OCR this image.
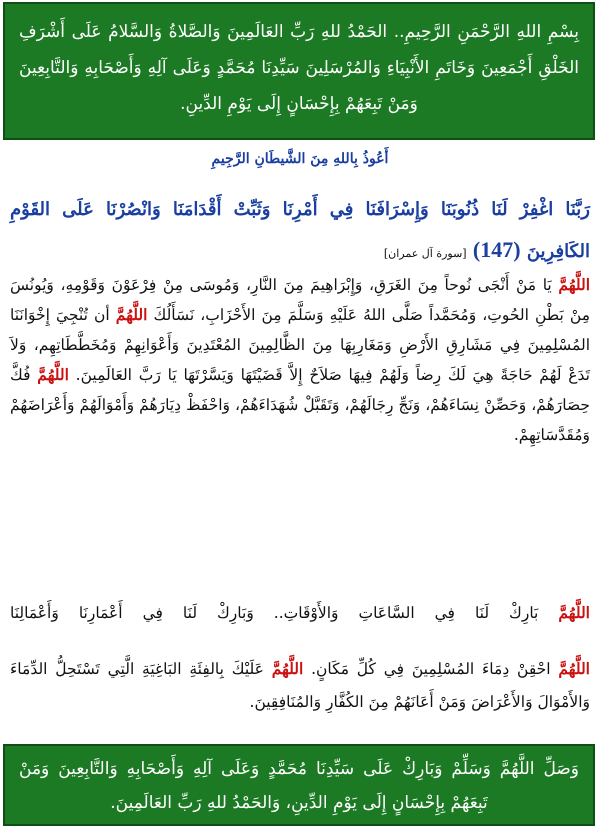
بِسْمِ اللهِ الرَّحْمَنِ الرَّحِيمِ.. الحَمْدُ للهِ رَبِّ العَالَمِينَ وَالصَّلاةُ وَالسَّلامُ عَلَى أَشْرَفِ الخَلْقِ أَجْمَعِينَ وَخَاتَمِ الأَنْبِيَاءِ وَالمُرْسَلِينَ سَيِّدِنَا مُحَمَّدٍ وَعَلَى آلِهِ وَأَصْحَابِهِ وَالتَّابِعِينَ وَمَنْ تَبِعَهُمْ بِإِحْسَانٍ إِلَى يَوْمِ الدِّينِ.
أَعُوذُ بِاللهِ مِنَ الشَّيطَانِ الرَّجِيمِ
رَبَّنَا اغْفِرْ لَنَا ذُنُوبَنَا وَإِسْرَافَنَا فِي أَمْرِنَا وَثَبِّتْ أَقْدَامَنَا وَانْصُرْنَا عَلَى القَوْمِ الكَافِرِينَ (147) [سورة آل عمران]
اللَّهُمَّ يَا مَنْ أَنْجَى نُوحاً مِنَ الغَرَقِ، وَإِبْرَاهِيمَ مِنَ النَّارِ، وَمُوسَى مِنْ فِرْعَوْنَ وَقَوْمِهِ، وَيُونُسَ مِنْ بَطْنِ الحُوتِ، وَمُحَمَّداً صَلَّى اللهُ عَلَيْهِ وَسَلَّمَ مِنَ الأَحْزَابِ، نَسَأَلُكَ اللَّهُمَّ أن تُنْجِيَ إِخْوَانَنَا المُسْلِمِينَ فِي مَشَارِقِ الأَرْضِ وَمَغَارِبِهَا مِنَ الظَّالِمِينَ المُعْتَدِينَ وَأَعْوَانِهِمْ وَمُخَطَّطَاتِهِم، وَلاَ تَدَعْ لَهُمْ حَاجَةً هِيَ لَكَ رِضاً وَلَهُمْ فِيهَا صَلاَحٌ إِلاَّ قَضَيْتَهَا وَيَسَّرْتَهَا يَا رَبَّ العَالَمِينَ. اللَّهُمَّ فُكَّ حِصَارَهُمْ، وَحَصِّنْ نِسَاءَهُمْ، وَنَجِّ رِجَالَهُمْ، وَتَقَبَّلْ شُهَدَاءَهُمْ، وَاحْفَظْ دِيَارَهُمْ وَأَمْوَالَهُمْ وَأَعْرَاضَهُمْ وَمُقَدَّسَاتِهِمْ.
اللَّهُمَّ بَارِكْ لَنَا فِي السَّاعَاتِ وَالأَوْقَاتِ.. وَبَارِكْ لَنَا فِي أَعْمَارِنَا وَأَعْمَالِنَا
اللَّهُمَّ احْقِنْ دِمَاءَ المُسْلِمِينَ فِي كُلِّ مَكَانٍ. اللَّهُمَّ عَلَيْكَ بِالفِئَةِ البَاغِيَةِ الَّتِي تَسْتَحِلُّ الدِّمَاءَ وَالأَمْوَالَ وَالأَعْرَاضَ وَمَنْ أَعَانَهُمْ مِنَ الكُفَّارِ وَالمُنَافِقِينَ.
وَصَلِّ اللَّهُمَّ وَسَلِّمْ وَبَارِكْ عَلَى سَيِّدِنَا مُحَمَّدٍ وَعَلَى آلِهِ وَأَصْحَابِهِ وَالتَّابِعِينَ وَمَنْ تَبِعَهُمْ بِإِحْسَانٍ إِلَى يَوْمِ الدِّينِ، وَالحَمْدُ للهِ رَبِّ العَالَمِينَ.
